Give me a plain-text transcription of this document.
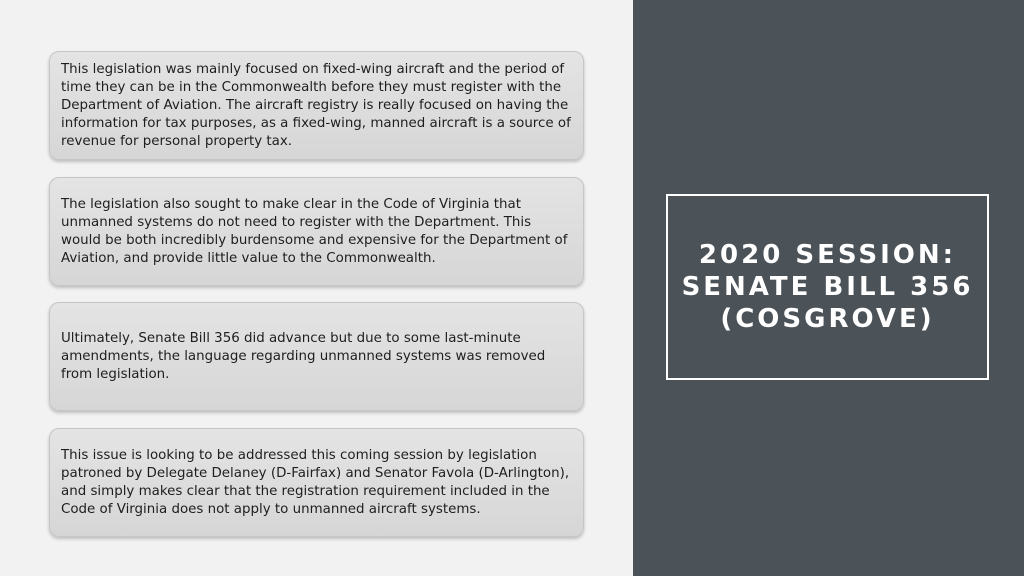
This legislation was mainly focused on fixed-wing aircraft and the period of time they can be in the Commonwealth before they must register with the Department of Aviation. The aircraft registry is really focused on having the information for tax purposes, as a fixed-wing, manned aircraft is a source of revenue for personal property tax.

The legislation also sought to make clear in the Code of Virginia that unmanned systems do not need to register with the Department. This would be both incredibly burdensome and expensive for the Department of Aviation, and provide little value to the Commonwealth.

Ultimately, Senate Bill 356 did advance but due to some last-minute amendments, the language regarding unmanned systems was removed from legislation.

This issue is looking to be addressed this coming session by legislation patroned by Delegate Delaney (D-Fairfax) and Senator Favola (D-Arlington), and simply makes clear that the registration requirement included in the Code of Virginia does not apply to unmanned aircraft systems.

2020 SESSION:
SENATE BILL 356
(COSGROVE)
